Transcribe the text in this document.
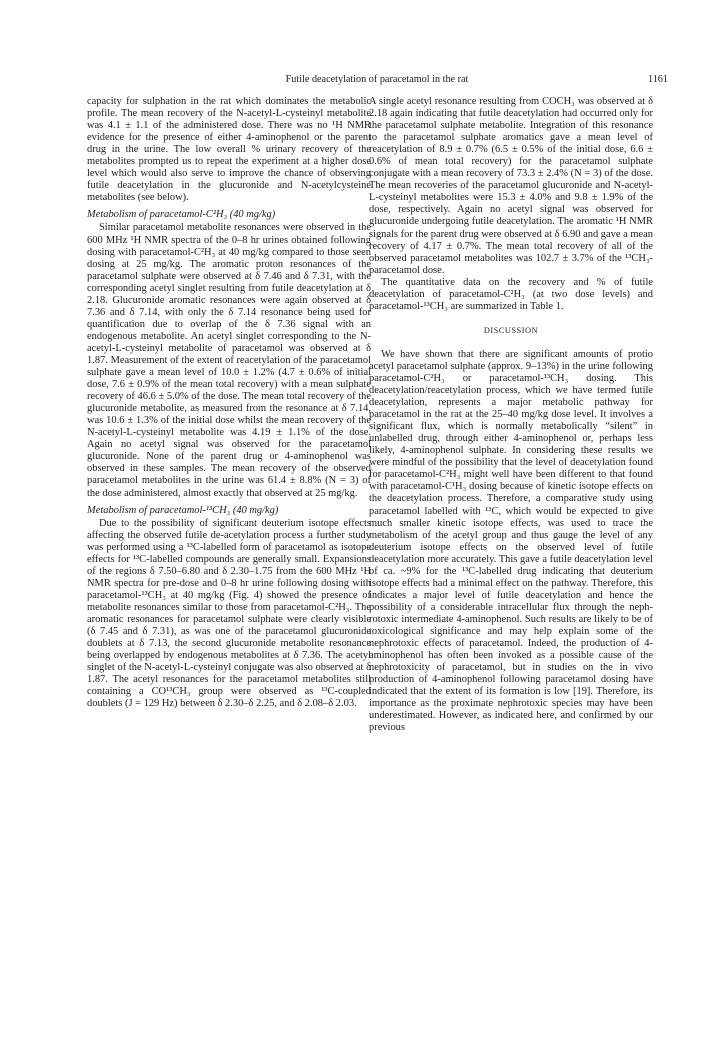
Futile deacetylation of paracetamol in the rat	1161

capacity for sulphation in the rat which dominates the metabolic profile. The mean recovery of the N-acetyl-L-cysteinyl metabolite was 4.1 ± 1.1 of the administered dose. There was no ¹H NMR evidence for the presence of either 4-aminophenol or the parent drug in the urine. The low overall % urinary recovery of the metabolites prompted us to repeat the experiment at a higher dose level which would also serve to improve the chance of observing futile deacetylation in the glucuronide and N-acetylcysteine metabolites (see below).

Metabolism of paracetamol-C²H₃ (40 mg/kg)

Similar paracetamol metabolite resonances were observed in the 600 MHz ¹H NMR spectra of the 0–8 hr urines obtained following dosing with paracetamol-C²H₃ at 40 mg/kg compared to those seen dosing at 25 mg/kg. The aromatic proton resonances of the paracetamol sulphate were observed at δ 7.46 and δ 7.31, with the corresponding acetyl singlet resulting from futile deacetylation at δ 2.18. Glucuronide aromatic resonances were again observed at δ 7.36 and δ 7.14, with only the δ 7.14 resonance being used for quantification due to overlap of the δ 7.36 signal with an endogenous metabolite. An acetyl singlet corresponding to the N-acetyl-L-cysteinyl metabolite of paracetamol was observed at δ 1.87. Measurement of the extent of reacetylation of the paracetamol sulphate gave a mean level of 10.0 ± 1.2% (4.7 ± 0.6% of initial dose, 7.6 ± 0.9% of the mean total recovery) with a mean sulphate recovery of 46.6 ± 5.0% of the dose. The mean total recovery of the glucuronide metabolite, as measured from the resonance at δ 7.14, was 10.6 ± 1.3% of the initial dose whilst the mean recovery of the N-acetyl-L-cysteinyl metabolite was 4.19 ± 1.1% of the dose. Again no acetyl signal was observed for the paracetamol glucuronide. None of the parent drug or 4-aminophenol was observed in these samples. The mean recovery of the observed paracetamol metabolites in the urine was 61.4 ± 8.8% (N = 3) of the dose administered, almost exactly that observed at 25 mg/kg.

Metabolism of paracetamol-¹³CH₃ (40 mg/kg)

Due to the possibility of significant deuterium isotope effects affecting the observed futile de-acetylation process a further study was performed using a ¹³C-labelled form of paracetamol as isotope effects for ¹³C-labelled compounds are generally small. Expansions of the regions δ 7.50–6.80 and δ 2.30–1.75 from the 600 MHz ¹H NMR spectra for pre-dose and 0–8 hr urine following dosing with paracetamol-¹³CH₃ at 40 mg/kg (Fig. 4) showed the presence of metabolite resonances similar to those from paracetamol-C²H₃. The aromatic resonances for paracetamol sulphate were clearly visible (δ 7.45 and δ 7.31), as was one of the paracetamol glucuronide doublets at δ 7.13, the second glucuronide metabolite resonance being overlapped by endogenous metabolites at δ 7.36. The acetyl singlet of the N-acetyl-L-cysteinyl conjugate was also observed at δ 1.87. The acetyl resonances for the paracetamol metabolites still containing a CO¹³CH₃ group were observed as ¹³C-coupled doublets (J = 129 Hz) between δ 2.30–δ 2.25, and δ 2.08–δ 2.03.

A single acetyl resonance resulting from COCH₃ was observed at δ 2.18 again indicating that futile deacetylation had occurred only for the paracetamol sulphate metabolite. Integration of this resonance to the paracetamol sulphate aromatics gave a mean level of reacetylation of 8.9 ± 0.7% (6.5 ± 0.5% of the initial dose, 6.6 ± 0.6% of mean total recovery) for the paracetamol sulphate conjugate with a mean recovery of 73.3 ± 2.4% (N = 3) of the dose. The mean recoveries of the paracetamol glucuronide and N-acetyl-L-cysteinyl metabolites were 15.3 ± 4.0% and 9.8 ± 1.9% of the dose, respectively. Again no acetyl signal was observed for glucuronide undergoing futile deacetylation. The aromatic ¹H NMR signals for the parent drug were observed at δ 6.90 and gave a mean recovery of 4.17 ± 0.7%. The mean total recovery of all of the observed paracetamol metabolites was 102.7 ± 3.7% of the ¹³CH₃-paracetamol dose.

The quantitative data on the recovery and % of futile deacetylation of paracetamol-C²H₃ (at two dose levels) and paracetamol-¹³CH₃ are summarized in Table 1.

DISCUSSION

We have shown that there are significant amounts of protio acetyl paracetamol sulphate (approx. 9–13%) in the urine following paracetamol-C²H₃ or paracetamol-¹³CH₃ dosing. This deacetylation/reacetylation process, which we have termed futile deacetylation, represents a major metabolic pathway for paracetamol in the rat at the 25–40 mg/kg dose level. It involves a significant flux, which is normally metabolically “silent” in unlabelled drug, through either 4-aminophenol or, perhaps less likely, 4-aminophenol sulphate. In considering these results we were mindful of the possibility that the level of deacetylation found for paracetamol-C²H₃ might well have been different to that found with paracetamol-C¹H₃ dosing because of kinetic isotope effects on the deacetylation process. Therefore, a comparative study using paracetamol labelled with ¹³C, which would be expected to give much smaller kinetic isotope effects, was used to trace the metabolism of the acetyl group and thus gauge the level of any deuterium isotope effects on the observed level of futile deacetylation more accurately. This gave a futile deacetylation level of ca. ~9% for the ¹³C-labelled drug indicating that deuterium isotope effects had a minimal effect on the pathway. Therefore, this indicates a major level of futile deacetylation and hence the possibility of a considerable intracellular flux through the neph-rotoxic intermediate 4-aminophenol. Such results are likely to be of toxicological significance and may help explain some of the nephrotoxic effects of paracetamol. Indeed, the production of 4-aminophenol has often been invoked as a possible cause of the nephrotoxicity of paracetamol, but in studies on the in vivo production of 4-aminophenol following paracetamol dosing have indicated that the extent of its formation is low [19]. Therefore, its importance as the proximate nephrotoxic species may have been underestimated. However, as indicated here, and confirmed by our previous
